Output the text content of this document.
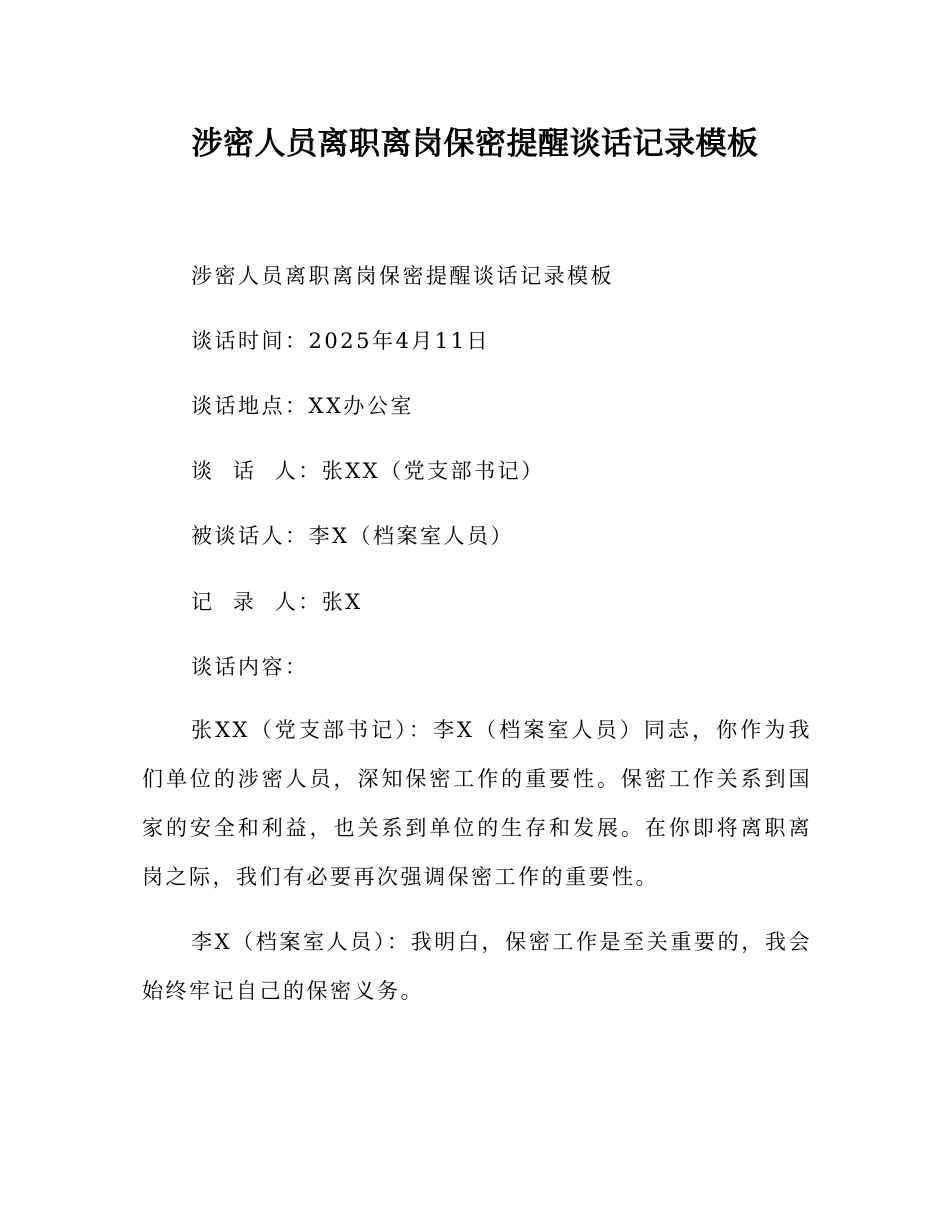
涉密人员离职离岗保密提醒谈话记录模板
涉密人员离职离岗保密提醒谈话记录模板
谈话时间：2025年4月11日
谈话地点：XX办公室
谈  话  人：张XX（党支部书记）
被谈话人：李X（档案室人员）
记  录  人：张X
谈话内容：
张XX（党支部书记）：李X（档案室人员）同志，你作为我们单位的涉密人员，深知保密工作的重要性。保密工作关系到国家的安全和利益，也关系到单位的生存和发展。在你即将离职离岗之际，我们有必要再次强调保密工作的重要性。
李X（档案室人员）：我明白，保密工作是至关重要的，我会始终牢记自己的保密义务。
